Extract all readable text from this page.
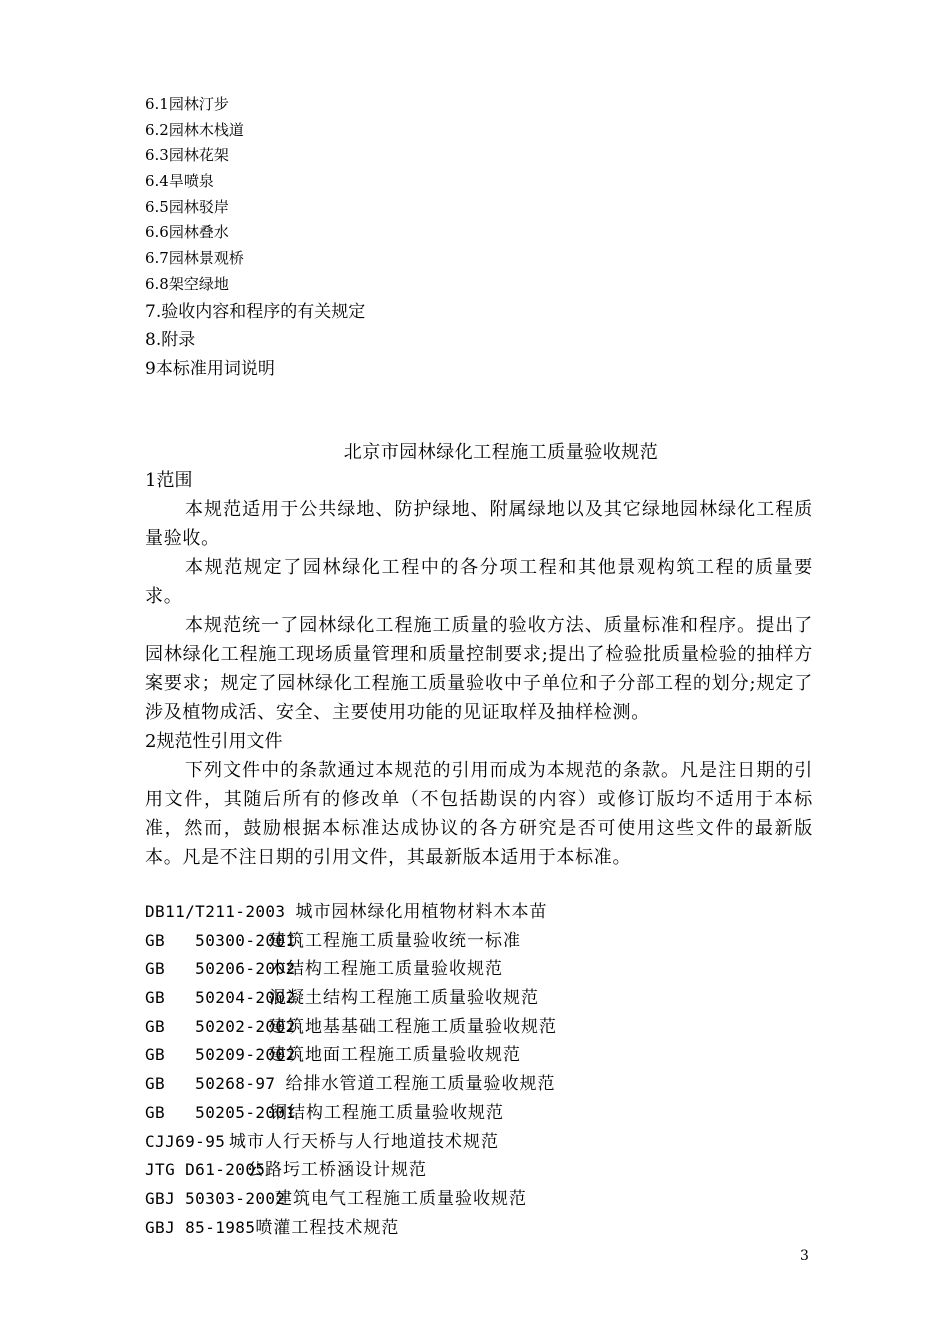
6.1园林汀步
6.2园林木栈道
6.3园林花架
6.4旱喷泉
6.5园林驳岸
6.6园林叠水
6.7园林景观桥
6.8架空绿地
7.验收内容和程序的有关规定
8.附录
9本标准用词说明
北京市园林绿化工程施工质量验收规范
1范围

本规范适用于公共绿地、防护绿地、附属绿地以及其它绿地园林绿化工程质量验收。

本规范规定了园林绿化工程中的各分项工程和其他景观构筑工程的质量要求。

本规范统一了园林绿化工程施工质量的验收方法、质量标准和程序。提出了园林绿化工程施工现场质量管理和质量控制要求;提出了检验批质量检验的抽样方案要求；规定了园林绿化工程施工质量验收中子单位和子分部工程的划分;规定了涉及植物成活、安全、主要使用功能的见证取样及抽样检测。

2规范性引用文件

下列文件中的条款通过本规范的引用而成为本规范的条款。凡是注日期的引用文件，其随后所有的修改单（不包括勘误的内容）或修订版均不适用于本标准，然而，鼓励根据本标准达成协议的各方研究是否可使用这些文件的最新版本。凡是不注日期的引用文件，其最新版本适用于本标准。

DB11/T211-2003 城市园林绿化用植物材料木本苗
GB   50300-2001
建筑工程施工质量验收统一标准
GB   50206-2002
木结构工程施工质量验收规范
GB   50204-2002
混凝土结构工程施工质量验收规范
GB   50202-2002
建筑地基基础工程施工质量验收规范
GB   50209-2002
建筑地面工程施工质量验收规范
GB   50268-97 给排水管道工程施工质量验收规范
GB   50205-2001
钢结构工程施工质量验收规范
CJJ69-95 城市人行天桥与人行地道技术规范
JTG D61-2005
公路圬工桥涵设计规范
GBJ 50303-2002
建筑电气工程施工质量验收规范
GBJ 85-1985喷灌工程技术规范
3
